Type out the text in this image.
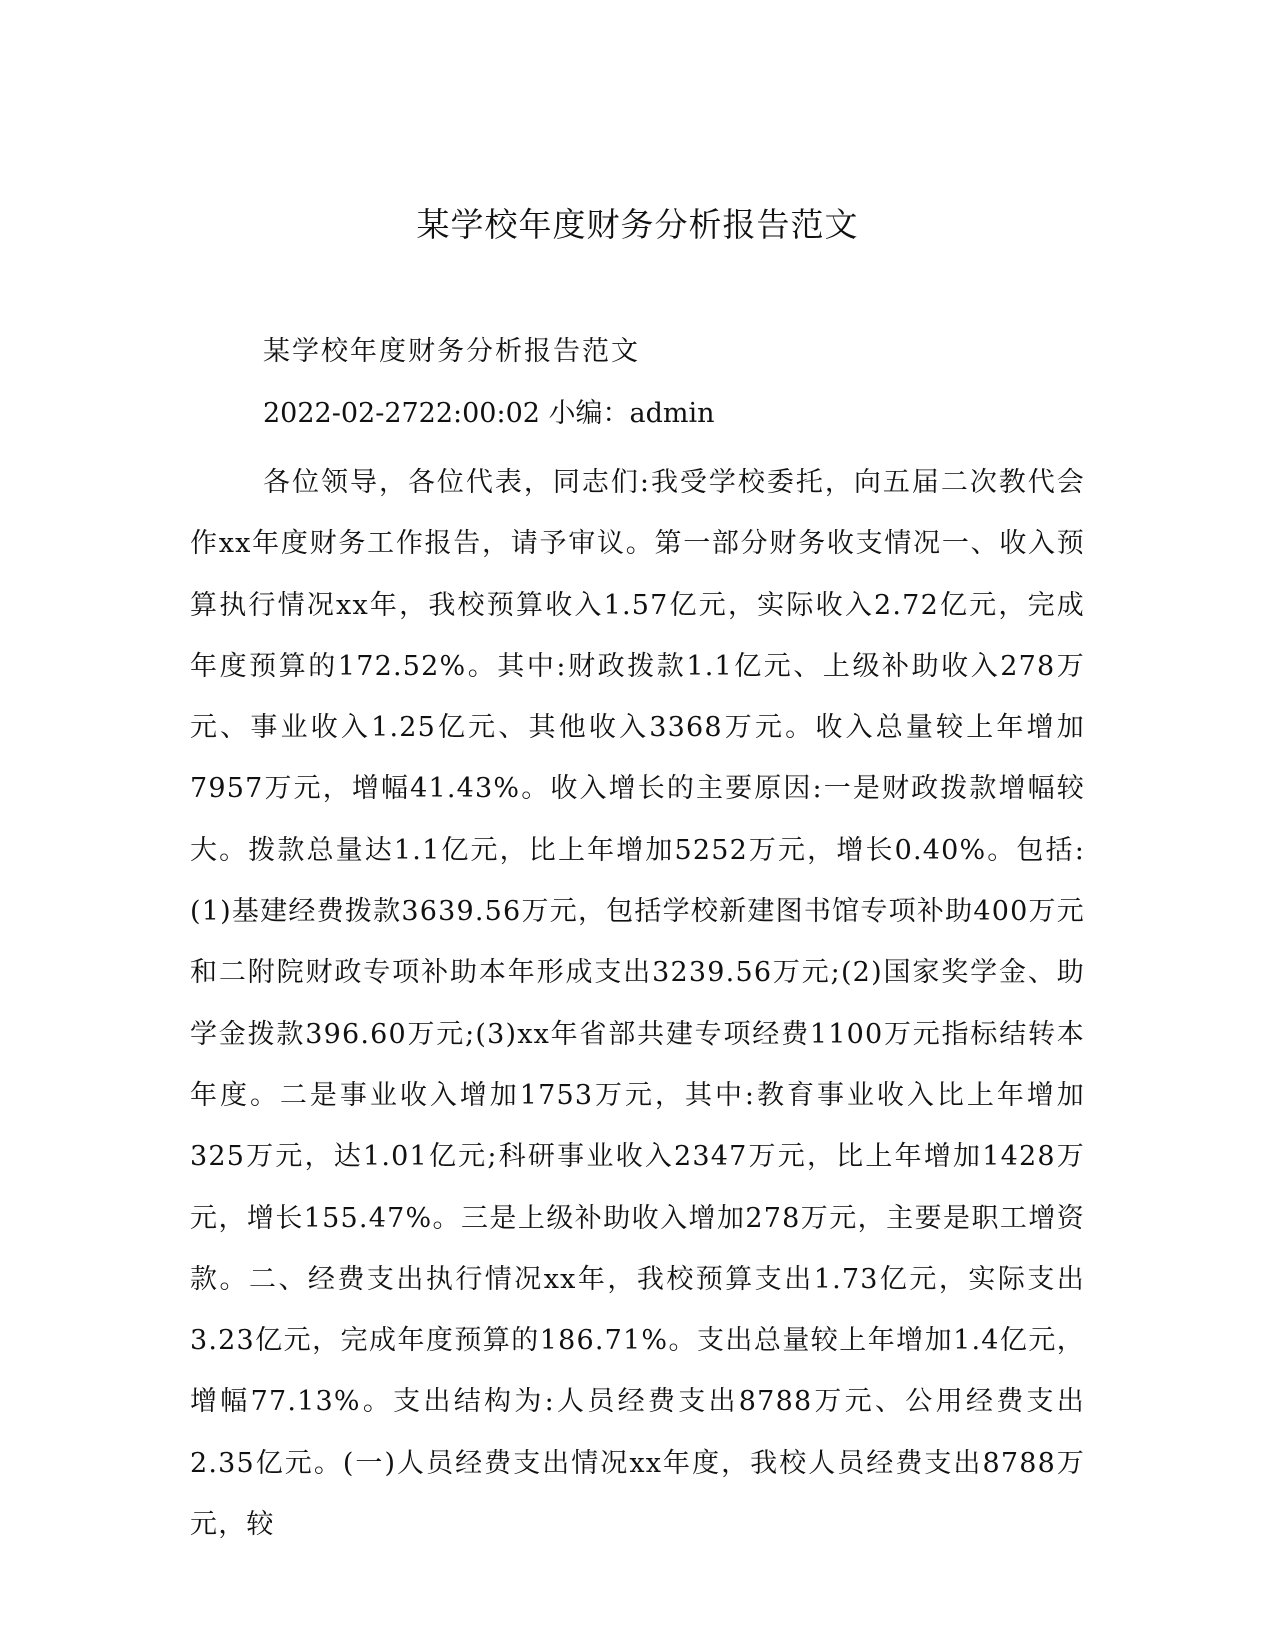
某学校年度财务分析报告范文
某学校年度财务分析报告范文
2022-02-2722:00:02 小编：admin

各位领导，各位代表，同志们:我受学校委托，向五届二次教代会作xx年度财务工作报告，请予审议。第一部分财务收支情况一、收入预算执行情况xx年，我校预算收入1.57亿元，实际收入2.72亿元，完成年度预算的172.52%。其中:财政拨款1.1亿元、上级补助收入278万元、事业收入1.25亿元、其他收入3368万元。收入总量较上年增加7957万元，增幅41.43%。收入增长的主要原因:一是财政拨款增幅较大。拨款总量达1.1亿元，比上年增加5252万元，增长0.40%。包括:(1)基建经费拨款3639.56万元，包括学校新建图书馆专项补助400万元和二附院财政专项补助本年形成支出3239.56万元;(2)国家奖学金、助学金拨款396.60万元;(3)xx年省部共建专项经费1100万元指标结转本年度。二是事业收入增加1753万元，其中:教育事业收入比上年增加325万元，达1.01亿元;科研事业收入2347万元，比上年增加1428万元，增长155.47%。三是上级补助收入增加278万元，主要是职工增资款。二、经费支出执行情况xx年，我校预算支出1.73亿元，实际支出3.23亿元，完成年度预算的186.71%。支出总量较上年增加1.4亿元，增幅77.13%。支出结构为:人员经费支出8788万元、公用经费支出2.35亿元。(一)人员经费支出情况xx年度，我校人员经费支出8788万元，较
